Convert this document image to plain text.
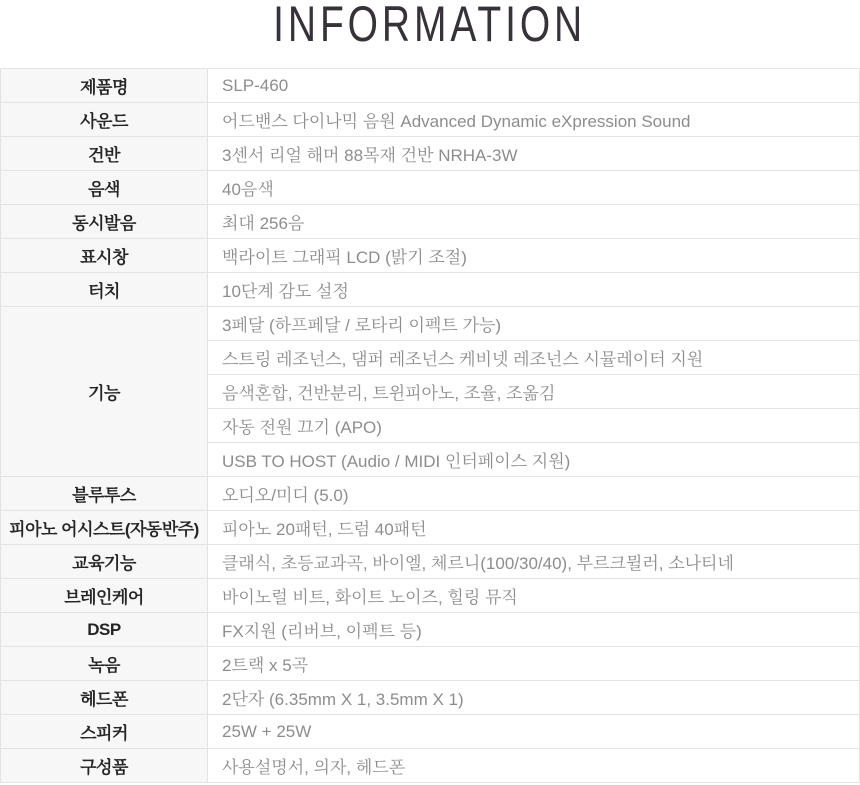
INFORMATION
제품명	SLP-460
사운드	어드밴스 다이나믹 음원 Advanced Dynamic eXpression Sound
건반	3센서 리얼 해머 88목재 건반 NRHA-3W
음색	40음색
동시발음	최대 256음
표시창	백라이트 그래픽 LCD (밝기 조절)
터치	10단계 감도 설정
기능	3페달 (하프페달 / 로타리 이펙트 가능)
	스트링 레조넌스, 댐퍼 레조넌스 케비넷 레조넌스 시뮬레이터 지원
	음색혼합, 건반분리, 트윈피아노, 조율, 조옮김
	자동 전원 끄기 (APO)
	USB TO HOST (Audio / MIDI 인터페이스 지원)
블루투스	오디오/미디 (5.0)
피아노 어시스트(자동반주)	피아노 20패턴, 드럼 40패턴
교육기능	클래식, 초등교과곡, 바이엘, 체르니(100/30/40), 부르크뮐러, 소나티네
브레인케어	바이노럴 비트, 화이트 노이즈, 힐링 뮤직
DSP	FX지원 (리버브, 이펙트 등)
녹음	2트랙 x 5곡
헤드폰	2단자 (6.35mm X 1, 3.5mm X 1)
스피커	25W + 25W
구성품	사용설명서, 의자, 헤드폰
